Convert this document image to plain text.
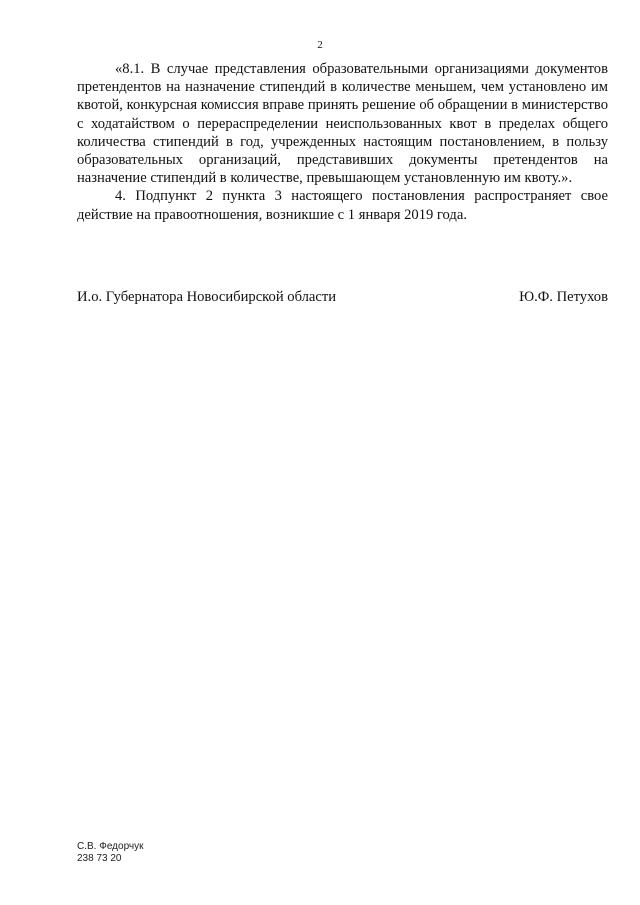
2

«8.1. В случае представления образовательными организациями документов претендентов на назначение стипендий в количестве меньшем, чем установлено им квотой, конкурсная комиссия вправе принять решение об обращении в министерство с ходатайством о перераспределении неиспользованных квот в пределах общего количества стипендий в год, учрежденных настоящим постановлением, в пользу образовательных организаций, представивших документы претендентов на назначение стипендий в количестве, превышающем установленную им квоту.».

4. Подпункт 2 пункта 3 настоящего постановления распространяет свое действие на правоотношения, возникшие с 1 января 2019 года.

И.о. Губернатора Новосибирской области	Ю.Ф. Петухов
С.В. Федорчук
238 73 20
